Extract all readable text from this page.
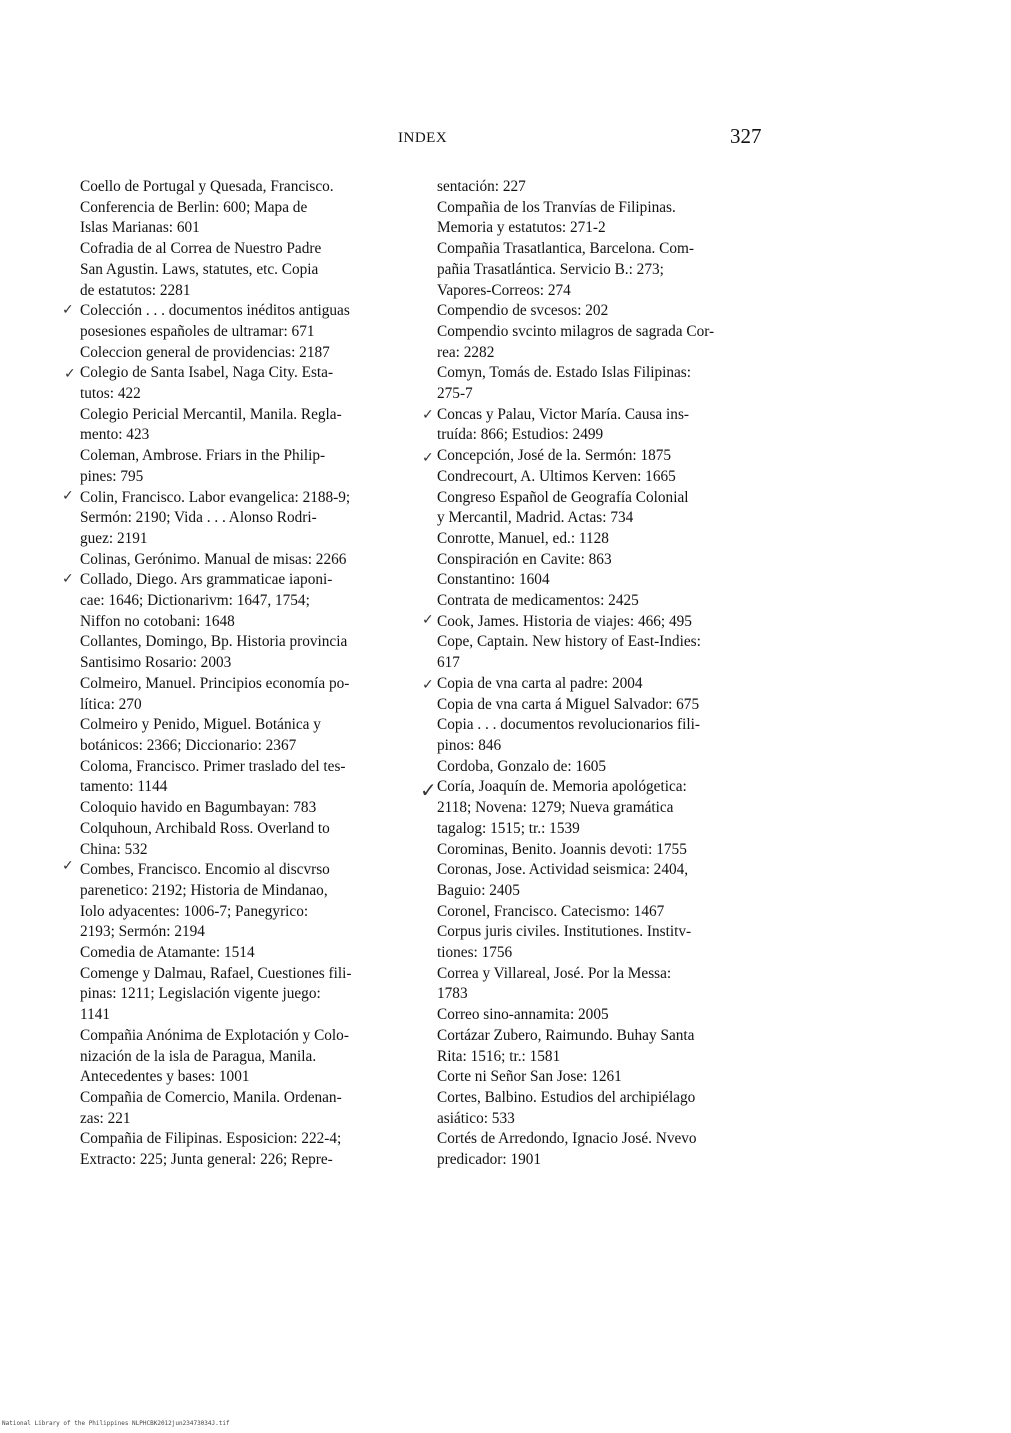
INDEX	327
Coello de Portugal y Quesada, Francisco.
Conferencia de Berlin: 600; Mapa de
Islas Marianas: 601
Cofradia de al Correa de Nuestro Padre
San Agustin. Laws, statutes, etc. Copia
de estatutos: 2281
Colección . . . documentos inéditos antiguas
posesiones españoles de ultramar: 671
Coleccion general de providencias: 2187
Colegio de Santa Isabel, Naga City. Esta-
tutos: 422
Colegio Pericial Mercantil, Manila. Regla-
mento: 423
Coleman, Ambrose. Friars in the Philip-
pines: 795
Colin, Francisco. Labor evangelica: 2188-9;
Sermón: 2190; Vida . . . Alonso Rodri-
guez: 2191
Colinas, Gerónimo. Manual de misas: 2266
Collado, Diego. Ars grammaticae iaponi-
cae: 1646; Dictionarivm: 1647, 1754;
Niffon no cotobani: 1648
Collantes, Domingo, Bp. Historia provincia
Santisimo Rosario: 2003
Colmeiro, Manuel. Principios economía po-
lítica: 270
Colmeiro y Penido, Miguel. Botánica y
botánicos: 2366; Diccionario: 2367
Coloma, Francisco. Primer traslado del tes-
tamento: 1144
Coloquio havido en Bagumbayan: 783
Colquhoun, Archibald Ross. Overland to
China: 532
Combes, Francisco. Encomio al discvrso
parenetico: 2192; Historia de Mindanao,
Iolo adyacentes: 1006-7; Panegyrico:
2193; Sermón: 2194
Comedia de Atamante: 1514
Comenge y Dalmau, Rafael, Cuestiones fili-
pinas: 1211; Legislación vigente juego:
1141
Compañia Anónima de Explotación y Colo-
nización de la isla de Paragua, Manila.
Antecedentes y bases: 1001
Compañia de Comercio, Manila. Ordenan-
zas: 221
Compañia de Filipinas. Esposicion: 222-4;
Extracto: 225; Junta general: 226; Repre-
sentación: 227
Compañia de los Tranvías de Filipinas.
Memoria y estatutos: 271-2
Compañia Trasatlantica, Barcelona. Com-
pañia Trasatlántica. Servicio B.: 273;
Vapores-Correos: 274
Compendio de svcesos: 202
Compendio svcinto milagros de sagrada Cor-
rea: 2282
Comyn, Tomás de. Estado Islas Filipinas:
275-7
Concas y Palau, Victor María. Causa ins-
truída: 866; Estudios: 2499
Concepción, José de la. Sermón: 1875
Condrecourt, A. Ultimos Kerven: 1665
Congreso Español de Geografía Colonial
y Mercantil, Madrid. Actas: 734
Conrotte, Manuel, ed.: 1128
Conspiración en Cavite: 863
Constantino: 1604
Contrata de medicamentos: 2425
Cook, James. Historia de viajes: 466; 495
Cope, Captain. New history of East-Indies:
617
Copia de vna carta al padre: 2004
Copia de vna carta á Miguel Salvador: 675
Copia . . . documentos revolucionarios fili-
pinos: 846
Cordoba, Gonzalo de: 1605
Coría, Joaquín de. Memoria apológetica:
2118; Novena: 1279; Nueva gramática
tagalog: 1515; tr.: 1539
Corominas, Benito. Joannis devoti: 1755
Coronas, Jose. Actividad seismica: 2404,
Baguio: 2405
Coronel, Francisco. Catecismo: 1467
Corpus juris civiles. Institutiones. Institv-
tiones: 1756
Correa y Villareal, José. Por la Messa:
1783
Correo sino-annamita: 2005
Cortázar Zubero, Raimundo. Buhay Santa
Rita: 1516; tr.: 1581
Corte ni Señor San Jose: 1261
Cortes, Balbino. Estudios del archipiélago
asiático: 533
Cortés de Arredondo, Ignacio José. Nvevo
predicador: 1901
✓
✓
✓
✓
✓
✓
✓
✓
✓
✓
National Library of the Philippines NLPHCBK2012jun23473034J.tif
